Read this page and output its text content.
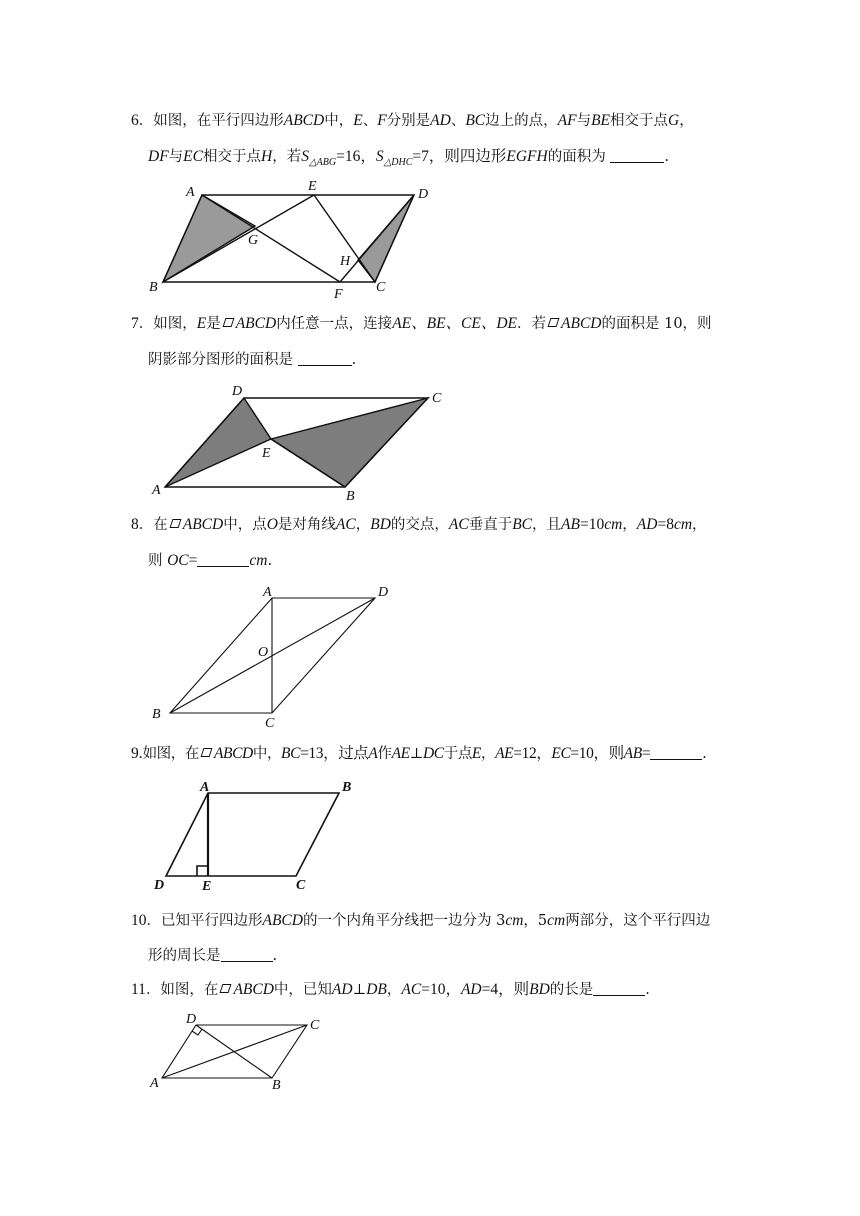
6．如图，在平行四边形ABCD中，E、F分别是AD、BC边上的点，AF与BE相交于点G，
DF与EC相交于点H，若$S_{\triangle ABG}=16$，$S_{\triangle DHC}=7$，则四边形EGFH的面积为	.
7．如图，E是 ABCD内任意一点，连接AE、BE、CE、DE．若 ABCD的面积是 10，则
阴影部分图形的面积是	.
8．在 ABCD中，点O是对角线AC，BD的交点，AC垂直于BC，且AB=10cm，AD=8cm，
则 OC=	cm.
9.如图，在 ABCD中，BC=13，过点A作AE⊥DC于点E，AE=12，EC=10，则AB=	.
10．已知平行四边形ABCD的一个内角平分线把一边分为 3cm，5cm两部分，这个平行四边
形的周长是	.
11．如图，在 ABCD中，已知AD⊥DB，AC=10，AD=4，则BD的长是	.
A	E
D
G
H
B	F C
D	C
E
A	B
A	D
O
B
C
A	B
D	E	C
D	C
A	B
